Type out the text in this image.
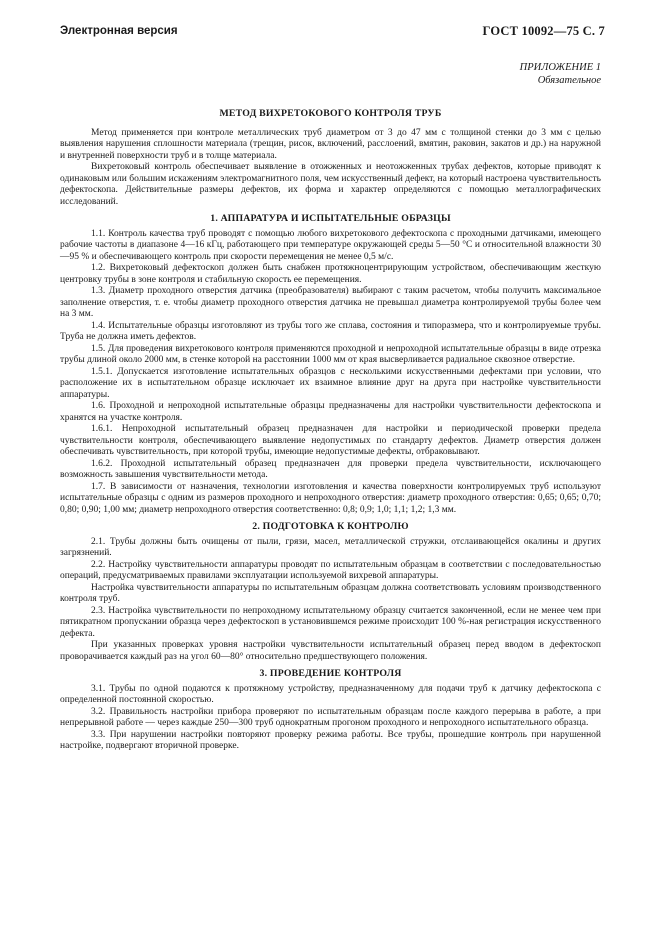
Электронная версия	ГОСТ 10092—75 С. 7
ПРИЛОЖЕНИЕ 1
Обязательное
МЕТОД ВИХРЕТОКОВОГО КОНТРОЛЯ ТРУБ

Метод применяется при контроле металлических труб диаметром от 3 до 47 мм с толщиной стенки до 3 мм с целью выявления нарушения сплошности материала (трещин, рисок, включений, расслоений, вмятин, раковин, закатов и др.) на наружной и внутренней поверхности труб и в толще материала.

Вихретоковый контроль обеспечивает выявление в отожженных и неотожженных трубах дефектов, которые приводят к одинаковым или большим искажениям электромагнитного поля, чем искусственный дефект, на который настроена чувствительность дефектоскопа. Действительные размеры дефектов, их форма и характер определяются с помощью металлографических исследований.

1. АППАРАТУРА И ИСПЫТАТЕЛЬНЫЕ ОБРАЗЦЫ

1.1. Контроль качества труб проводят с помощью любого вихретокового дефектоскопа с проходными датчиками, имеющего рабочие частоты в диапазоне 4—16 кГц, работающего при температуре окружающей среды 5—50 °С и относительной влажности 30—95 % и обеспечивающего контроль при скорости перемещения не менее 0,5 м/с.

1.2. Вихретоковый дефектоскоп должен быть снабжен протяжноцентрирующим устройством, обеспечивающим жесткую центровку трубы в зоне контроля и стабильную скорость ее перемещения.

1.3. Диаметр проходного отверстия датчика (преобразователя) выбирают с таким расчетом, чтобы получить максимальное заполнение отверстия, т. е. чтобы диаметр проходного отверстия датчика не превышал диаметра контролируемой трубы более чем на 3 мм.

1.4. Испытательные образцы изготовляют из трубы того же сплава, состояния и типоразмера, что и контролируемые трубы. Труба не должна иметь дефектов.

1.5. Для проведения вихретокового контроля применяются проходной и непроходной испытательные образцы в виде отрезка трубы длиной около 2000 мм, в стенке которой на расстоянии 1000 мм от края высверливается радиальное сквозное отверстие.

1.5.1. Допускается изготовление испытательных образцов с несколькими искусственными дефектами при условии, что расположение их в испытательном образце исключает их взаимное влияние друг на друга при настройке чувствительности аппаратуры.

1.6. Проходной и непроходной испытательные образцы предназначены для настройки чувствительности дефектоскопа и хранятся на участке контроля.

1.6.1. Непроходной испытательный образец предназначен для настройки и периодической проверки предела чувствительности контроля, обеспечивающего выявление недопустимых по стандарту дефектов. Диаметр отверстия должен обеспечивать чувствительность, при которой трубы, имеющие недопустимые дефекты, отбраковывают.

1.6.2. Проходной испытательный образец предназначен для проверки предела чувствительности, исключающего возможность завышения чувствительности метода.

1.7. В зависимости от назначения, технологии изготовления и качества поверхности контролируемых труб используют испытательные образцы с одним из размеров проходного и непроходного отверстия: диаметр проходного отверстия: 0,65; 0,65; 0,70; 0,80; 0,90; 1,00 мм; диаметр непроходного отверстия соответственно: 0,8; 0,9; 1,0; 1,1; 1,2; 1,3 мм.

2. ПОДГОТОВКА К КОНТРОЛЮ

2.1. Трубы должны быть очищены от пыли, грязи, масел, металлической стружки, отслаивающейся окалины и других загрязнений.

2.2. Настройку чувствительности аппаратуры проводят по испытательным образцам в соответствии с последовательностью операций, предусматриваемых правилами эксплуатации используемой вихревой аппаратуры.

Настройка чувствительности аппаратуры по испытательным образцам должна соответствовать условиям производственного контроля труб.

2.3. Настройка чувствительности по непроходному испытательному образцу считается законченной, если не менее чем при пятикратном пропускании образца через дефектоскоп в установившемся режиме происходит 100 %-ная регистрация искусственного дефекта.

При указанных проверках уровня настройки чувствительности испытательный образец перед вводом в дефектоскоп проворачивается каждый раз на угол 60—80° относительно предшествующего положения.

3. ПРОВЕДЕНИЕ КОНТРОЛЯ

3.1. Трубы по одной подаются к протяжному устройству, предназначенному для подачи труб к датчику дефектоскопа с определенной постоянной скоростью.

3.2. Правильность настройки прибора проверяют по испытательным образцам после каждого перерыва в работе, а при непрерывной работе — через каждые 250—300 труб однократным прогоном проходного и непроходного испытательного образца.

3.3. При нарушении настройки повторяют проверку режима работы. Все трубы, прошедшие контроль при нарушенной настройке, подвергают вторичной проверке.
